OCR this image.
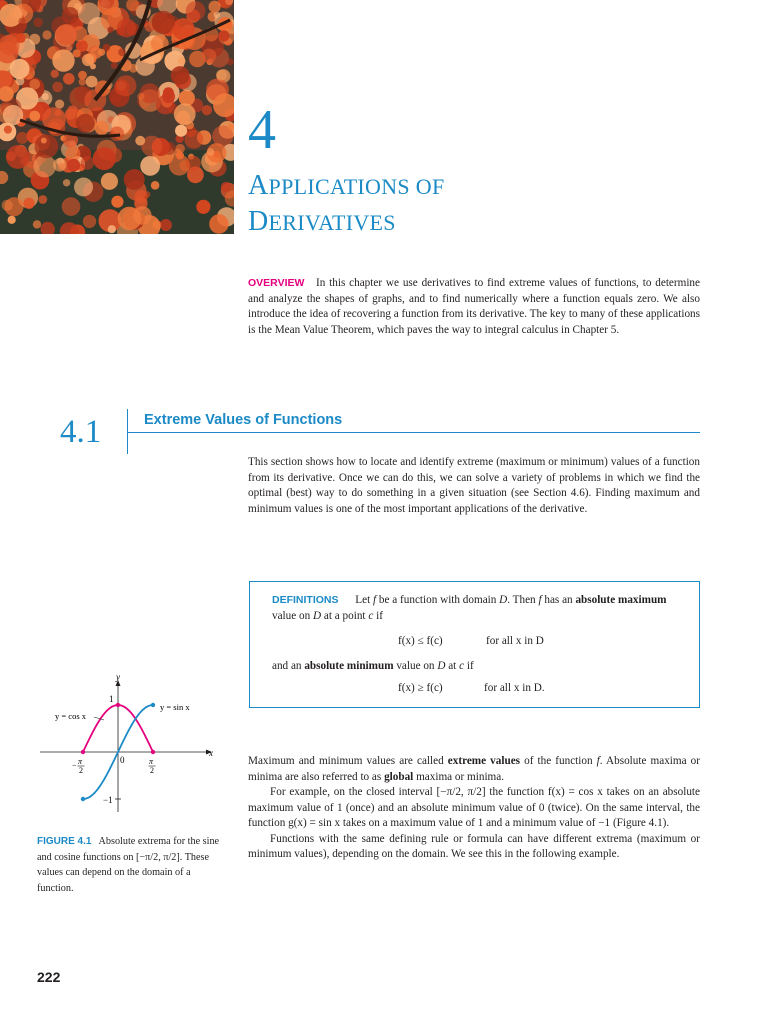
4
APPLICATIONS OF
DERIVATIVES
OVERVIEW In this chapter we use derivatives to find extreme values of functions, to determine and analyze the shapes of graphs, and to find numerically where a function equals zero. We also introduce the idea of recovering a function from its derivative. The key to many of these applications is the Mean Value Theorem, which paves the way to integral calculus in Chapter 5.
4.1	Extreme Values of Functions
This section shows how to locate and identify extreme (maximum or minimum) values of a function from its derivative. Once we can do this, we can solve a variety of problems in which we find the optimal (best) way to do something in a given situation (see Section 4.6). Finding maximum and minimum values is one of the most important applications of the derivative.
DEFINITIONS Let f be a function with domain D. Then f has an absolute maximum value on D at a point c if
f(x) ≤ f(c)	for all x in D
and an absolute minimum value on D at c if
f(x) ≥ f(c)	for all x in D.
x
y
1
−1
0
− π
2
π
2
y = cos x
y = sin x
FIGURE 4.1 Absolute extrema for the sine and cosine functions on [−π/2, π/2]. These values can depend on the domain of a function.

Maximum and minimum values are called extreme values of the function f. Absolute maxima or minima are also referred to as global maxima or minima.

For example, on the closed interval [−π/2, π/2] the function f(x) = cos x takes on an absolute maximum value of 1 (once) and an absolute minimum value of 0 (twice). On the same interval, the function g(x) = sin x takes on a maximum value of 1 and a minimum value of −1 (Figure 4.1).

Functions with the same defining rule or formula can have different extrema (maximum or minimum values), depending on the domain. We see this in the following example.

222
